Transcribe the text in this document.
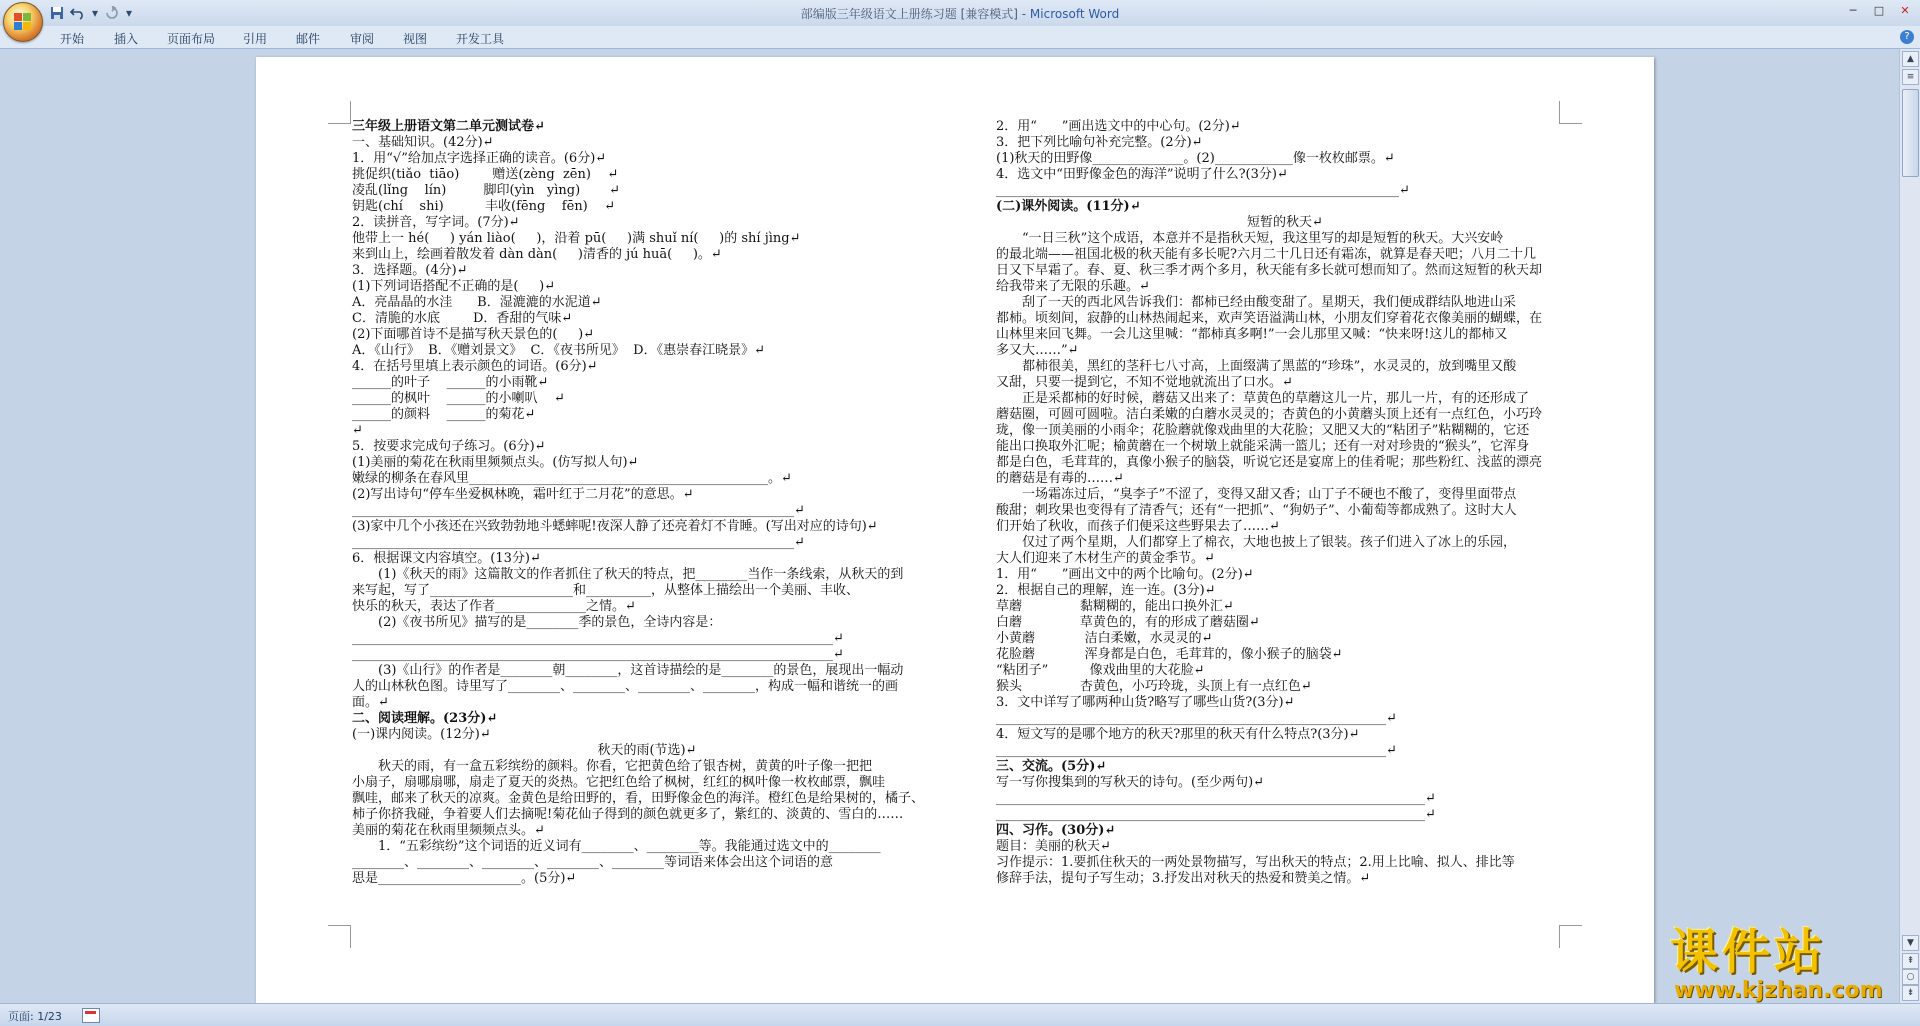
▾ ▾	部编版三年级语文上册练习题 [兼容模式] - Microsoft Word	─	□	✕
开始 插入 页面布局 引用 邮件 审阅 视图 开发工具	?

三年级上册语文第二单元测试卷↵

一、基础知识。(42分)↵

1．用“√”给加点字选择正确的读音。(6分)↵

挑促织(tiǎo  tiāo)        赠送(zèng  zēn)    ↵

凌乱(lǐng    lín)         脚印(yìn   yìng)       ↵

钥匙(chí    shi)          丰收(fēng    fēn)    ↵

2．读拼音，写字词。(7分)↵

他带上一 hé(     ) yán liào(     )，沿着 pū(     )满 shuǐ ní(     )的 shí jìng↵

来到山上，绘画着散发着 dàn dàn(     )清香的 jú huā(     )。↵

3．选择题。(4分)↵

(1)下列词语搭配不正确的是(     )↵

A．亮晶晶的水洼      B．湿漉漉的水泥道↵

C．清脆的水底        D．香甜的气味↵

(2)下面哪首诗不是描写秋天景色的(     )↵

A．《山行》  B．《赠刘景文》  C．《夜书所见》  D．《惠崇春江晓景》↵

4．在括号里填上表示颜色的词语。(6分)↵

______的叶子    ______的小雨靴↵

______的枫叶    ______的小喇叭    ↵

______的颜料    ______的菊花↵

↵

5．按要求完成句子练习。(6分)↵

(1)美丽的菊花在秋雨里频频点头。(仿写拟人句)↵

嫩绿的柳条在春风里______________________________________________。↵

(2)写出诗句“停车坐爱枫林晚，霜叶红于二月花”的意思。↵

____________________________________________________________________↵

(3)家中几个小孩还在兴致勃勃地斗蟋蟀呢!夜深人静了还亮着灯不肯睡。(写出对应的诗句)↵

____________________________________________________________________↵

6．根据课文内容填空。(13分)↵

(1)《秋天的雨》这篇散文的作者抓住了秋天的特点，把________当作一条线索，从秋天的到

来写起，写了______________________和__________，从整体上描绘出一个美丽、丰收、

快乐的秋天，表达了作者______________之情。↵

(2)《夜书所见》描写的是________季的景色，全诗内容是：

__________________________________________________________________________↵

__________________________________________________________________________↵

(3)《山行》的作者是________朝________，这首诗描绘的是________的景色，展现出一幅动

人的山林秋色图。诗里写了________、________、________、________，构成一幅和谐统一的画

面。↵

二、阅读理解。(23分)↵

(一)课内阅读。(12分)↵

秋天的雨(节选)↵

秋天的雨，有一盒五彩缤纷的颜料。你看，它把黄色给了银杏树，黄黄的叶子像一把把

小扇子，扇哪扇哪，扇走了夏天的炎热。它把红色给了枫树，红红的枫叶像一枚枚邮票，飘哇

飘哇，邮来了秋天的凉爽。金黄色是给田野的，看，田野像金色的海洋。橙红色是给果树的，橘子、

柿子你挤我碰，争着要人们去摘呢!菊花仙子得到的颜色就更多了，紫红的、淡黄的、雪白的……

美丽的菊花在秋雨里频频点头。↵

1．“五彩缤纷”这个词语的近义词有________、________等。我能通过选文中的________

________、________、________、________、________等词语来体会出这个词语的意

思是______________________。(5分)↵

2．用“      ”画出选文中的中心句。(2分)↵

3．把下列比喻句补充完整。(2分)↵

(1)秋天的田野像______________。(2)____________像一枚枚邮票。↵

4．选文中“田野像金色的海洋”说明了什么?(3分)↵

______________________________________________________________↵

(二)课外阅读。(11分)↵

短暂的秋天↵

“一日三秋”这个成语，本意并不是指秋天短，我这里写的却是短暂的秋天。大兴安岭

的最北端——祖国北极的秋天能有多长呢?六月二十几日还有霜冻，就算是春天吧；八月二十几

日又下早霜了。春、夏、秋三季才两个多月，秋天能有多长就可想而知了。然而这短暂的秋天却

给我带来了无限的乐趣。↵

刮了一天的西北风告诉我们：都柿已经由酸变甜了。星期天，我们便成群结队地进山采

都柿。顷刻间，寂静的山林热闹起来，欢声笑语溢满山林，小朋友们穿着花衣像美丽的蝴蝶，在

山林里来回飞舞。一会儿这里喊：“都柿真多啊!”一会儿那里又喊：“快来呀!这儿的都柿又

多又大……”↵

都柿很美，黑红的茎秆七八寸高，上面缀满了黑蓝的“珍珠”，水灵灵的，放到嘴里又酸

又甜，只要一提到它，不知不觉地就流出了口水。↵

正是采都柿的好时候，蘑菇又出来了：草黄色的草蘑这儿一片，那儿一片，有的还形成了

蘑菇圈，可圆可圆啦。洁白柔嫩的白蘑水灵灵的；杏黄色的小黄蘑头顶上还有一点红色，小巧玲

珑，像一顶美丽的小雨伞；花脸蘑就像戏曲里的大花脸；又肥又大的“粘团子”粘糊糊的，它还

能出口换取外汇呢；榆黄蘑在一个树墩上就能采满一篮儿；还有一对对珍贵的“猴头”，它浑身

都是白色，毛茸茸的，真像小猴子的脑袋，听说它还是宴席上的佳肴呢；那些粉红、浅蓝的漂亮

的蘑菇是有毒的……↵

一场霜冻过后，“臭李子”不涩了，变得又甜又香；山丁子不硬也不酸了，变得里面带点

酸甜；刺玫果也变得有了清香气；还有“一把抓”、“狗奶子”、小葡萄等都成熟了。这时大人

们开始了秋收，而孩子们便采这些野果去了……↵

仅过了两个星期，人们都穿上了棉衣，大地也披上了银装。孩子们进入了冰上的乐园，

大人们迎来了木材生产的黄金季节。↵

1．用“      ”画出文中的两个比喻句。(2分)↵

2．根据自己的理解，连一连。(3分)↵

草蘑              黏糊糊的，能出口换外汇↵

白蘑              草黄色的，有的形成了蘑菇圈↵

小黄蘑            洁白柔嫩，水灵灵的↵

花脸蘑            浑身都是白色，毛茸茸的，像小猴子的脑袋↵

“粘团子”          像戏曲里的大花脸↵

猴头              杏黄色，小巧玲珑，头顶上有一点红色↵

3．文中详写了哪两种山货?略写了哪些山货?(3分)↵

____________________________________________________________↵

4．短文写的是哪个地方的秋天?那里的秋天有什么特点?(3分)↵

____________________________________________________________↵

三、交流。(5分)↵

写一写你搜集到的写秋天的诗句。(至少两句)↵

__________________________________________________________________↵

__________________________________________________________________↵

四、习作。(30分)↵

题目：美丽的秋天↵

习作提示：1.要抓住秋天的一两处景物描写，写出秋天的特点；2.用上比喻、拟人、排比等

修辞手法，提句子写生动；3.抒发出对秋天的热爱和赞美之情。↵

▲
≡
▼
⇞
○
⇟
页面: 1/23
课件站
www.kjzhan.com
